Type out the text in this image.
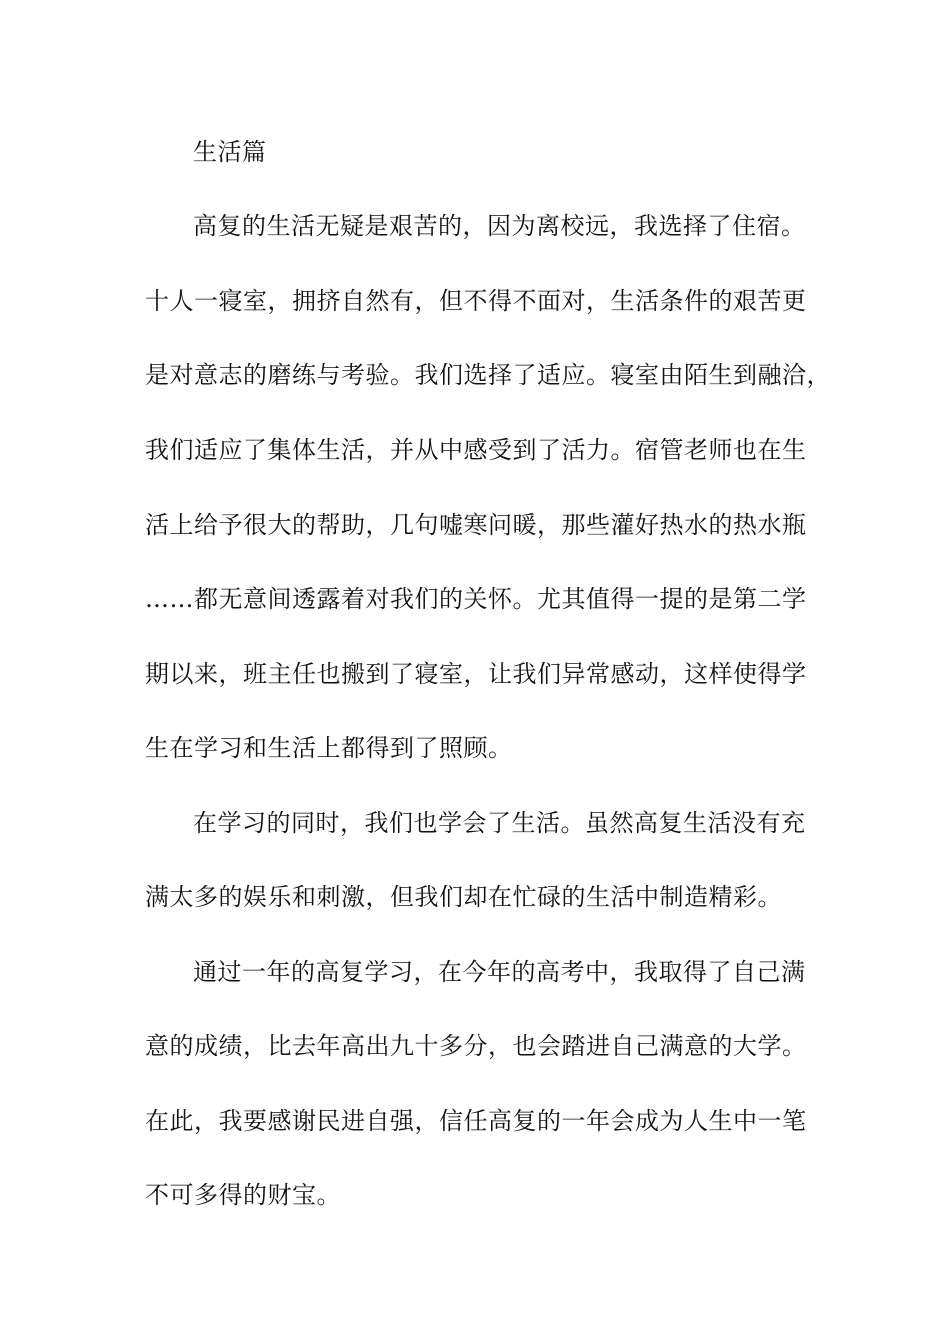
生活篇
高复的生活无疑是艰苦的，因为离校远，我选择了住宿。
十人一寝室，拥挤自然有，但不得不面对，生活条件的艰苦更
是对意志的磨练与考验。我们选择了适应。寝室由陌生到融洽，
我们适应了集体生活，并从中感受到了活力。宿管老师也在生
活上给予很大的帮助，几句嘘寒问暖，那些灌好热水的热水瓶
……都无意间透露着对我们的关怀。尤其值得一提的是第二学
期以来，班主任也搬到了寝室，让我们异常感动，这样使得学
生在学习和生活上都得到了照顾。
在学习的同时，我们也学会了生活。虽然高复生活没有充
满太多的娱乐和刺激，但我们却在忙碌的生活中制造精彩。
通过一年的高复学习，在今年的高考中，我取得了自己满
意的成绩，比去年高出九十多分，也会踏进自己满意的大学。
在此，我要感谢民进自强，信任高复的一年会成为人生中一笔
不可多得的财宝。
